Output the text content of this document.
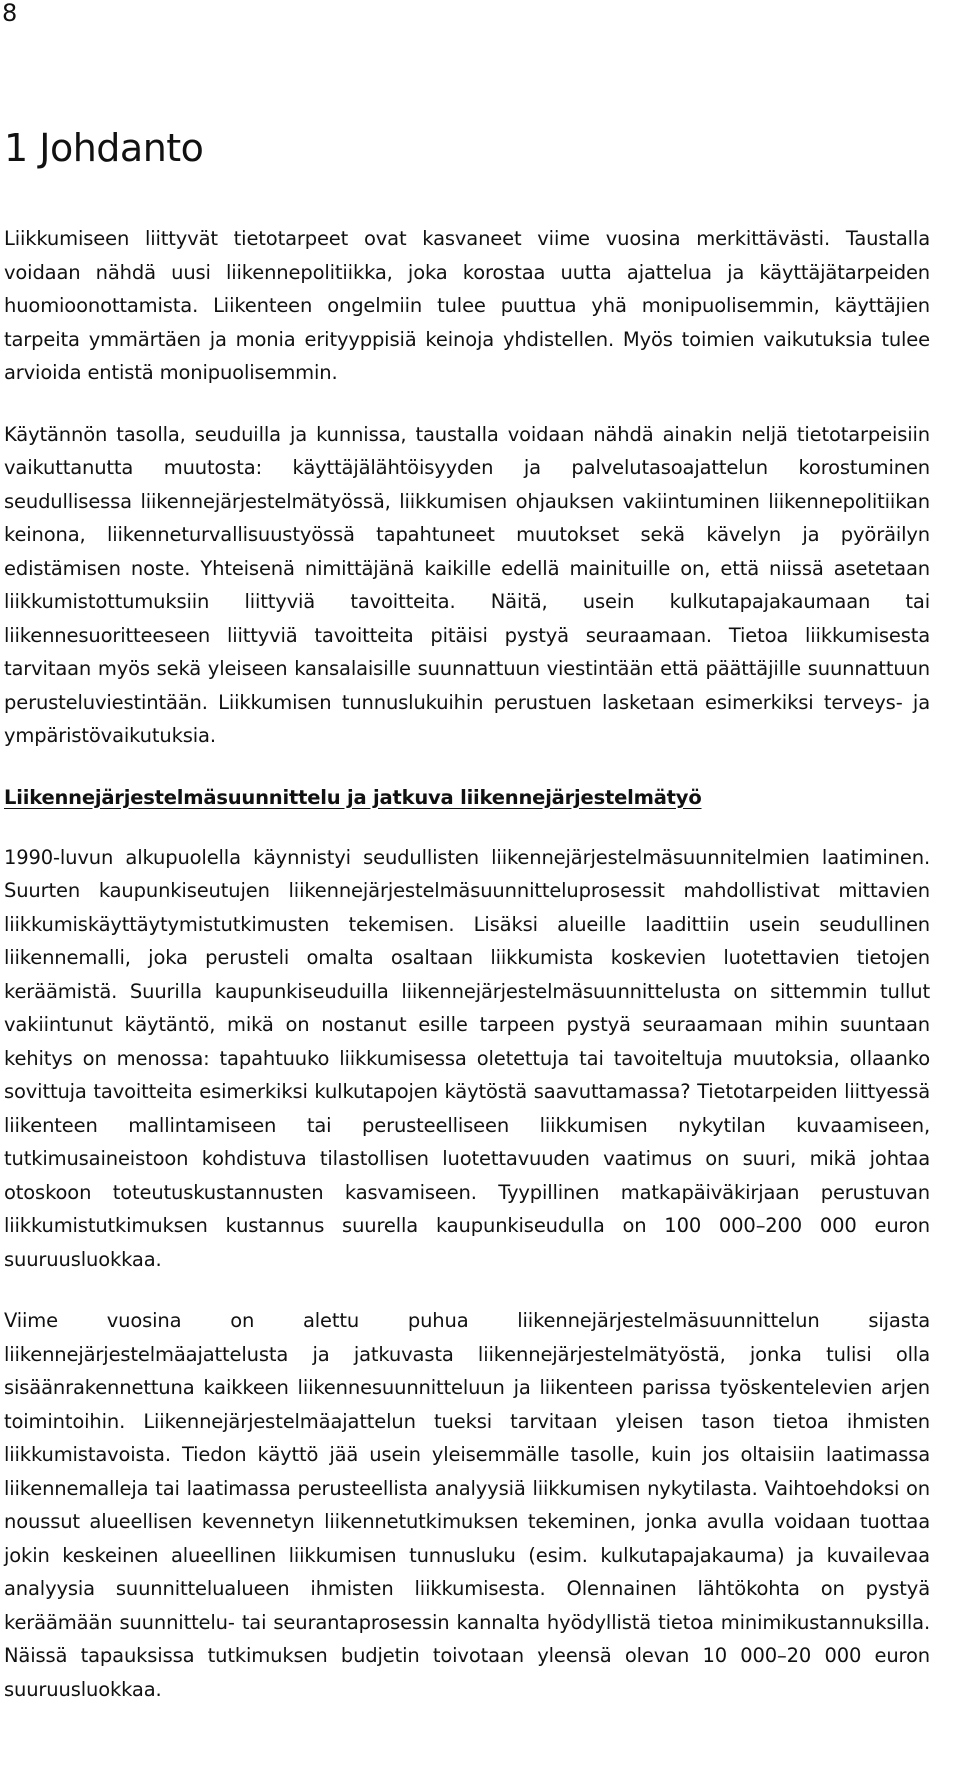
8
1 Johdanto

Liikkumiseen liittyvät tietotarpeet ovat kasvaneet viime vuosina merkittävästi. Taustalla voidaan nähdä uusi liikennepolitiikka, joka korostaa uutta ajattelua ja käyttäjätarpeiden huomioonottamista. Liikenteen ongelmiin tulee puuttua yhä monipuolisemmin, käyttäjien tarpeita ymmärtäen ja monia erityyppisiä keinoja yhdistellen. Myös toimien vaikutuksia tulee arvioida entistä monipuolisemmin.

Käytännön tasolla, seuduilla ja kunnissa, taustalla voidaan nähdä ainakin neljä tietotarpeisiin vaikuttanutta muutosta: käyttäjälähtöisyyden ja palvelutasoajattelun korostuminen seudullisessa liikennejärjestelmätyössä, liikkumisen ohjauksen vakiintuminen liikennepolitiikan keinona, liikenneturvallisuustyössä tapahtuneet muutokset sekä kävelyn ja pyöräilyn edistämisen noste. Yhteisenä nimittäjänä kaikille edellä mainituille on, että niissä asetetaan liikkumistottumuksiin liittyviä tavoitteita. Näitä, usein kulkutapajakaumaan tai liikennesuoritteeseen liittyviä tavoitteita pitäisi pystyä seuraamaan. Tietoa liikkumisesta tarvitaan myös sekä yleiseen kansalaisille suunnattuun viestintään että päättäjille suunnattuun perusteluviestintään. Liikkumisen tunnuslukuihin perustuen lasketaan esimerkiksi terveys- ja ympäristövaikutuksia.

Liikennejärjestelmäsuunnittelu ja jatkuva liikennejärjestelmätyö

1990-luvun alkupuolella käynnistyi seudullisten liikennejärjestelmäsuunnitelmien laatiminen. Suurten kaupunkiseutujen liikennejärjestelmäsuunnitteluprosessit mahdollistivat mittavien liikkumiskäyttäytymistutkimusten tekemisen. Lisäksi alueille laadittiin usein seudullinen liikennemalli, joka perusteli omalta osaltaan liikkumista koskevien luotettavien tietojen keräämistä. Suurilla kaupunkiseuduilla liikennejärjestelmäsuunnittelusta on sittemmin tullut vakiintunut käytäntö, mikä on nostanut esille tarpeen pystyä seuraamaan mihin suuntaan kehitys on menossa: tapahtuuko liikkumisessa oletettuja tai tavoiteltuja muutoksia, ollaanko sovittuja tavoitteita esimerkiksi kulkutapojen käytöstä saavuttamassa? Tietotarpeiden liittyessä liikenteen mallintamiseen tai perusteelliseen liikkumisen nykytilan kuvaamiseen, tutkimusaineistoon kohdistuva tilastollisen luotettavuuden vaatimus on suuri, mikä johtaa otoskoon toteutuskustannusten kasvamiseen. Tyypillinen matkapäiväkirjaan perustuvan liikkumistutkimuksen kustannus suurella kaupunkiseudulla on 100 000–200 000 euron suuruusluokkaa.

Viime vuosina on alettu puhua liikennejärjestelmäsuunnittelun sijasta liikennejärjestelmäajattelusta ja jatkuvasta liikennejärjestelmätyöstä, jonka tulisi olla sisäänrakennettuna kaikkeen liikennesuunnitteluun ja liikenteen parissa työskentelevien arjen toimintoihin. Liikennejärjestelmäajattelun tueksi tarvitaan yleisen tason tietoa ihmisten liikkumistavoista. Tiedon käyttö jää usein yleisemmälle tasolle, kuin jos oltaisiin laatimassa liikennemalleja tai laatimassa perusteellista analyysiä liikkumisen nykytilasta. Vaihtoehdoksi on noussut alueellisen kevennetyn liikennetutkimuksen tekeminen, jonka avulla voidaan tuottaa jokin keskeinen alueellinen liikkumisen tunnusluku (esim. kulkutapajakauma) ja kuvailevaa analyysia suunnittelualueen ihmisten liikkumisesta. Olennainen lähtökohta on pystyä keräämään suunnittelu- tai seurantaprosessin kannalta hyödyllistä tietoa minimikustannuksilla. Näissä tapauksissa tutkimuksen budjetin toivotaan yleensä olevan 10 000–20 000 euron suuruusluokkaa.
